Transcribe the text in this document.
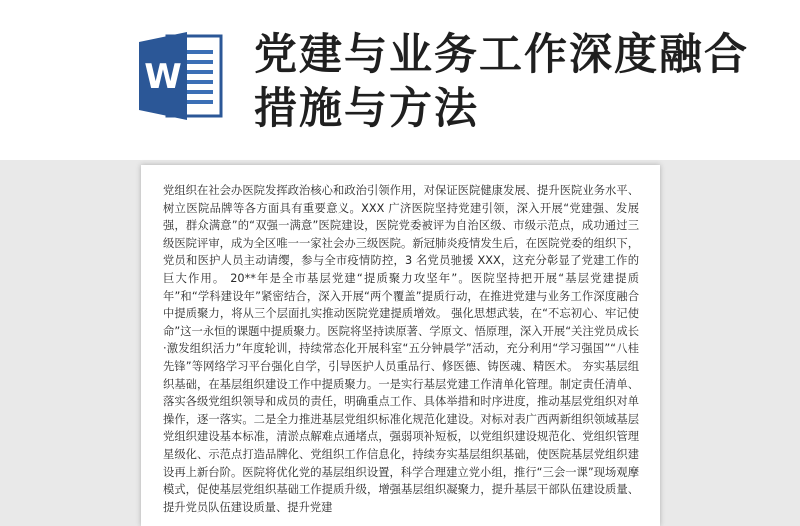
W 党建与业务工作深度融合措施与方法

党组织在社会办医院发挥政治核心和政治引领作用，对保证医院健康发展、提升医院业务水平、树立医院品牌等各方面具有重要意义。XXX 广济医院坚持党建引领，深入开展“党建强、发展强，群众满意”的“双强一满意”医院建设，医院党委被评为自治区级、市级示范点，成功通过三级医院评审，成为全区唯一一家社会办三级医院。新冠肺炎疫情发生后，在医院党委的组织下，党员和医护人员主动请缨，参与全市疫情防控，3 名党员驰援 XXX，这充分彰显了党建工作的巨大作用。 20**年是全市基层党建“提质聚力攻坚年”。医院坚持把开展“基层党建提质年”和“学科建设年”紧密结合，深入开展“两个覆盖”提质行动，在推进党建与业务工作深度融合中提质聚力，将从三个层面扎实推动医院党建提质增效。 强化思想武装，在“不忘初心、牢记使命”这一永恒的课题中提质聚力。医院将坚持读原著、学原文、悟原理，深入开展“关注党员成长·激发组织活力”年度轮训，持续常态化开展科室“五分钟晨学”活动，充分利用“学习强国”“八桂先锋”等网络学习平台强化自学，引导医护人员重品行、修医德、铸医魂、精医术。 夯实基层组织基础，在基层组织建设工作中提质聚力。一是实行基层党建工作清单化管理。制定责任清单、落实各级党组织领导和成员的责任，明确重点工作、具体举措和时序进度，推动基层党组织对单操作，逐一落实。二是全力推进基层党组织标准化规范化建设。对标对表广西两新组织领域基层党组织建设基本标准，清淤点解难点通堵点，强弱项补短板，以党组织建设规范化、党组织管理星级化、示范点打造品牌化、党组织工作信息化，持续夯实基层组织基础，使医院基层党组织建设再上新台阶。医院将优化党的基层组织设置，科学合理建立党小组，推行“三会一课”现场观摩模式，促使基层党组织基础工作提质升级，增强基层组织凝聚力，提升基层干部队伍建设质量、提升党员队伍建设质量、提升党建
